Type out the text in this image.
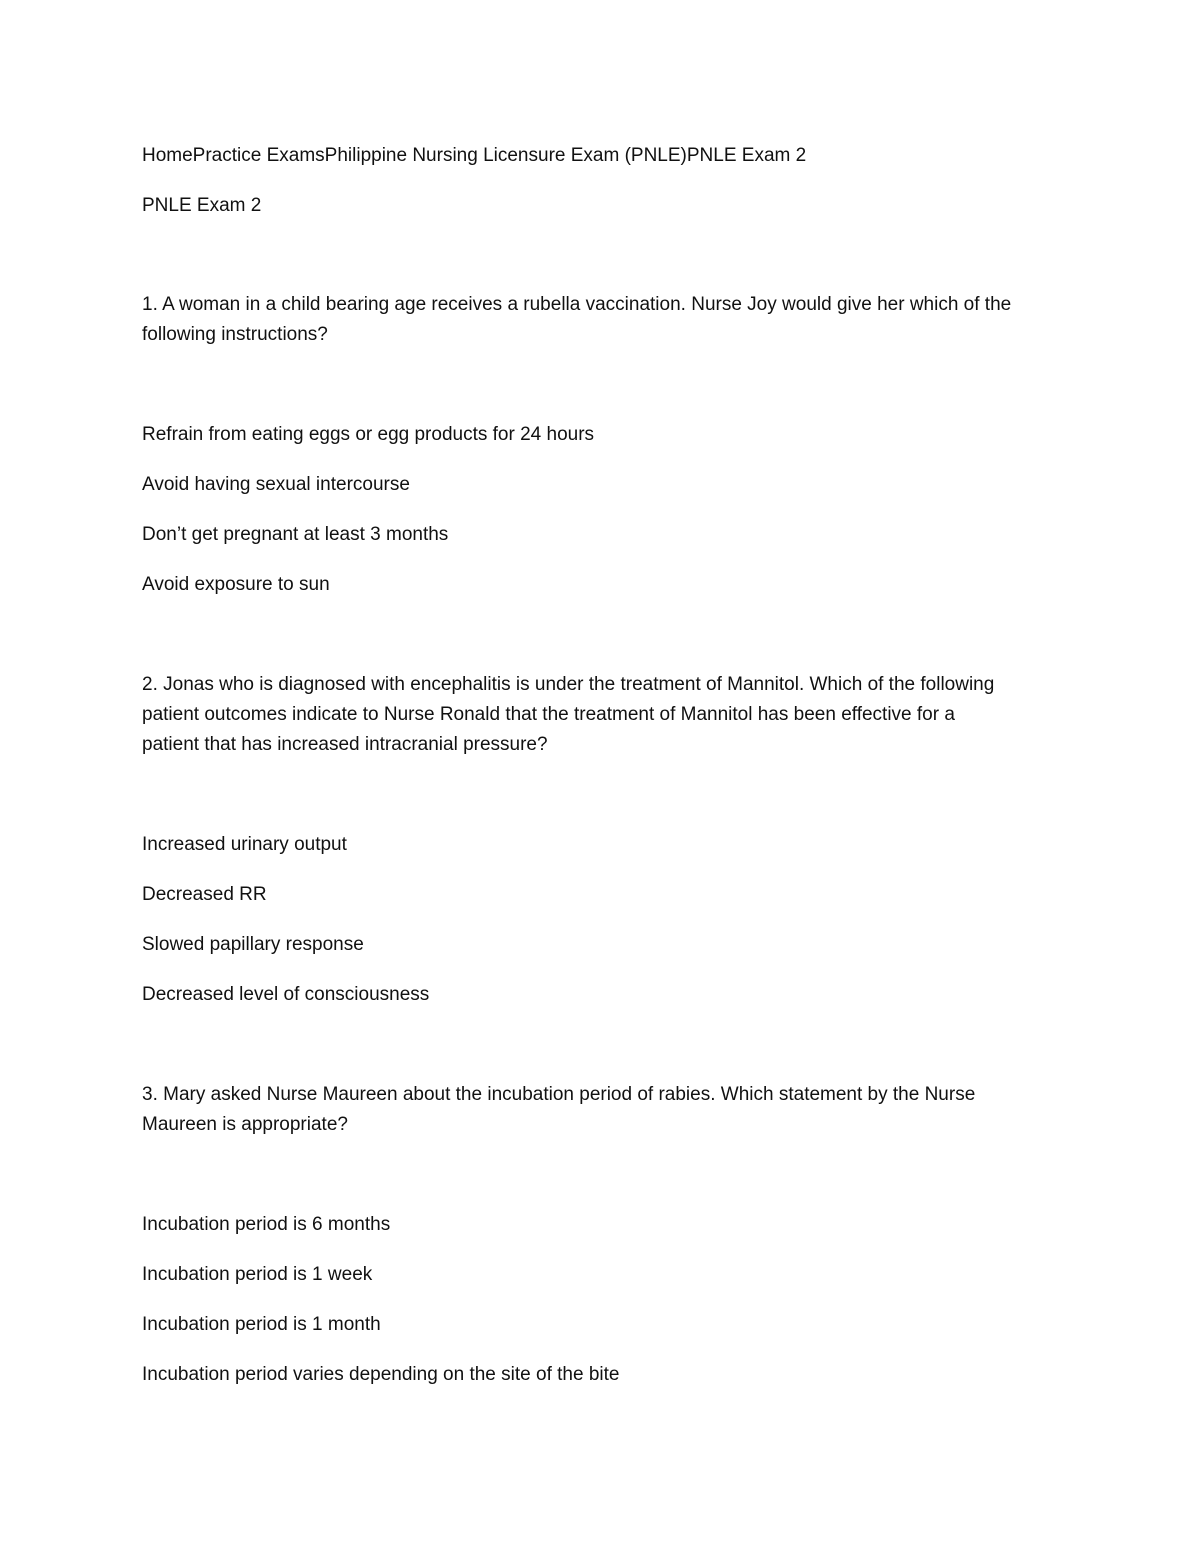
HomePractice ExamsPhilippine Nursing Licensure Exam (PNLE)PNLE Exam 2
PNLE Exam 2
1. A woman in a child bearing age receives a rubella vaccination. Nurse Joy would give her which of the
following instructions?
Refrain from eating eggs or egg products for 24 hours
Avoid having sexual intercourse
Don’t get pregnant at least 3 months
Avoid exposure to sun
2. Jonas who is diagnosed with encephalitis is under the treatment of Mannitol. Which of the following
patient outcomes indicate to Nurse Ronald that the treatment of Mannitol has been effective for a
patient that has increased intracranial pressure?
Increased urinary output
Decreased RR
Slowed papillary response
Decreased level of consciousness
3. Mary asked Nurse Maureen about the incubation period of rabies. Which statement by the Nurse
Maureen is appropriate?
Incubation period is 6 months
Incubation period is 1 week
Incubation period is 1 month
Incubation period varies depending on the site of the bite
